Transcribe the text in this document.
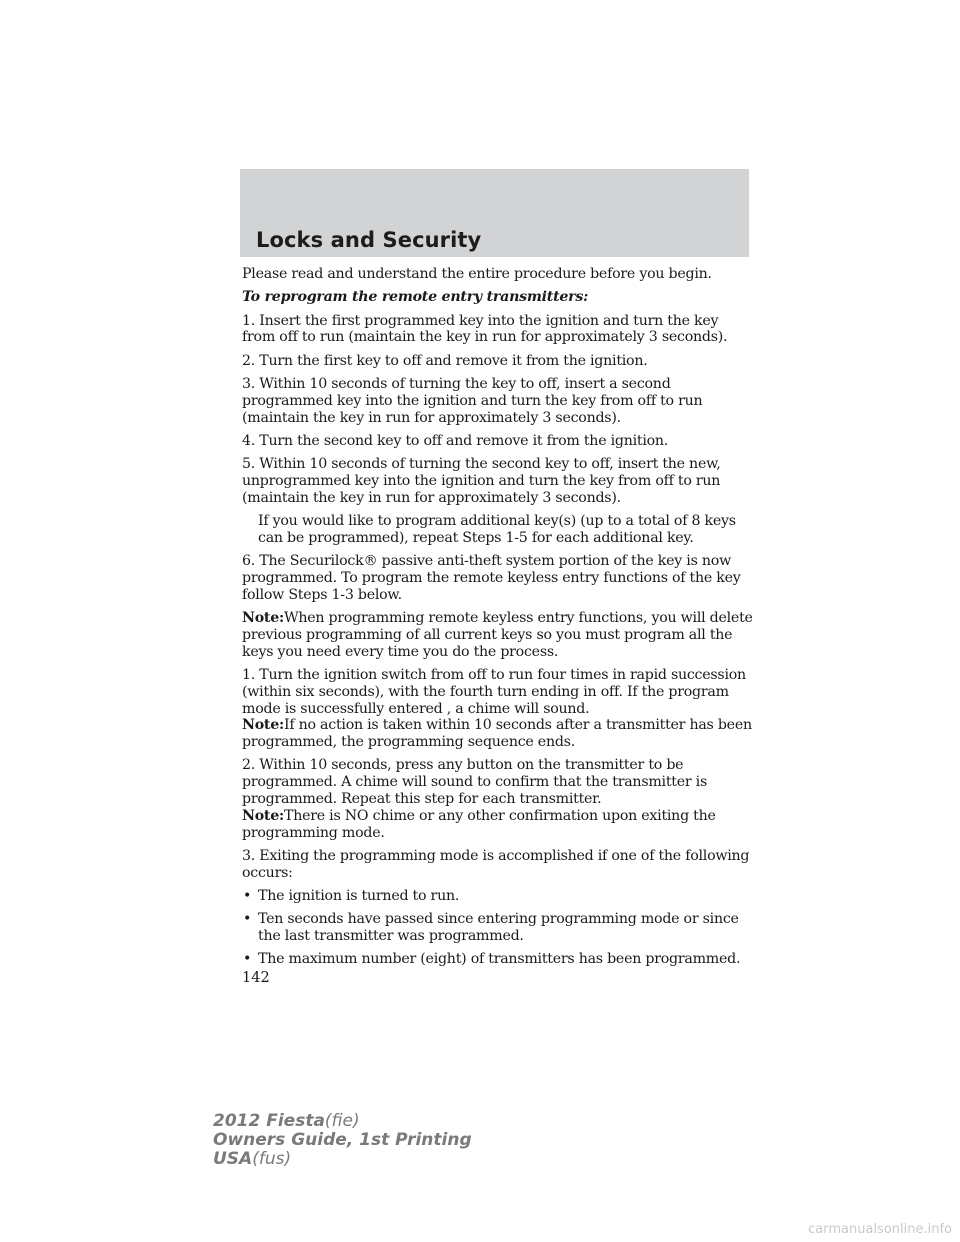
Locks and Security

Please read and understand the entire procedure before you begin.

To reprogram the remote entry transmitters:

1. Insert the first programmed key into the ignition and turn the key from off to run (maintain the key in run for approximately 3 seconds).

2. Turn the first key to off and remove it from the ignition.

3. Within 10 seconds of turning the key to off, insert a second programmed key into the ignition and turn the key from off to run (maintain the key in run for approximately 3 seconds).

4. Turn the second key to off and remove it from the ignition.

5. Within 10 seconds of turning the second key to off, insert the new, unprogrammed key into the ignition and turn the key from off to run (maintain the key in run for approximately 3 seconds).

If you would like to program additional key(s) (up to a total of 8 keys can be programmed), repeat Steps 1-5 for each additional key.

6. The Securilock® passive anti-theft system portion of the key is now programmed. To program the remote keyless entry functions of the key follow Steps 1-3 below.

Note:When programming remote keyless entry functions, you will delete previous programming of all current keys so you must program all the keys you need every time you do the process.

1. Turn the ignition switch from off to run four times in rapid succession (within six seconds), with the fourth turn ending in off. If the program mode is successfully entered , a chime will sound.

Note:If no action is taken within 10 seconds after a transmitter has been programmed, the programming sequence ends.

2. Within 10 seconds, press any button on the transmitter to be programmed. A chime will sound to confirm that the transmitter is programmed. Repeat this step for each transmitter.

Note:There is NO chime or any other confirmation upon exiting the programming mode.

3. Exiting the programming mode is accomplished if one of the following occurs:

• The ignition is turned to run.

• Ten seconds have passed since entering programming mode or since the last transmitter was programmed.

• The maximum number (eight) of transmitters has been programmed.

142
2012 Fiesta(fie)
Owners Guide, 1st Printing
USA(fus)
carmanualsonline.info
